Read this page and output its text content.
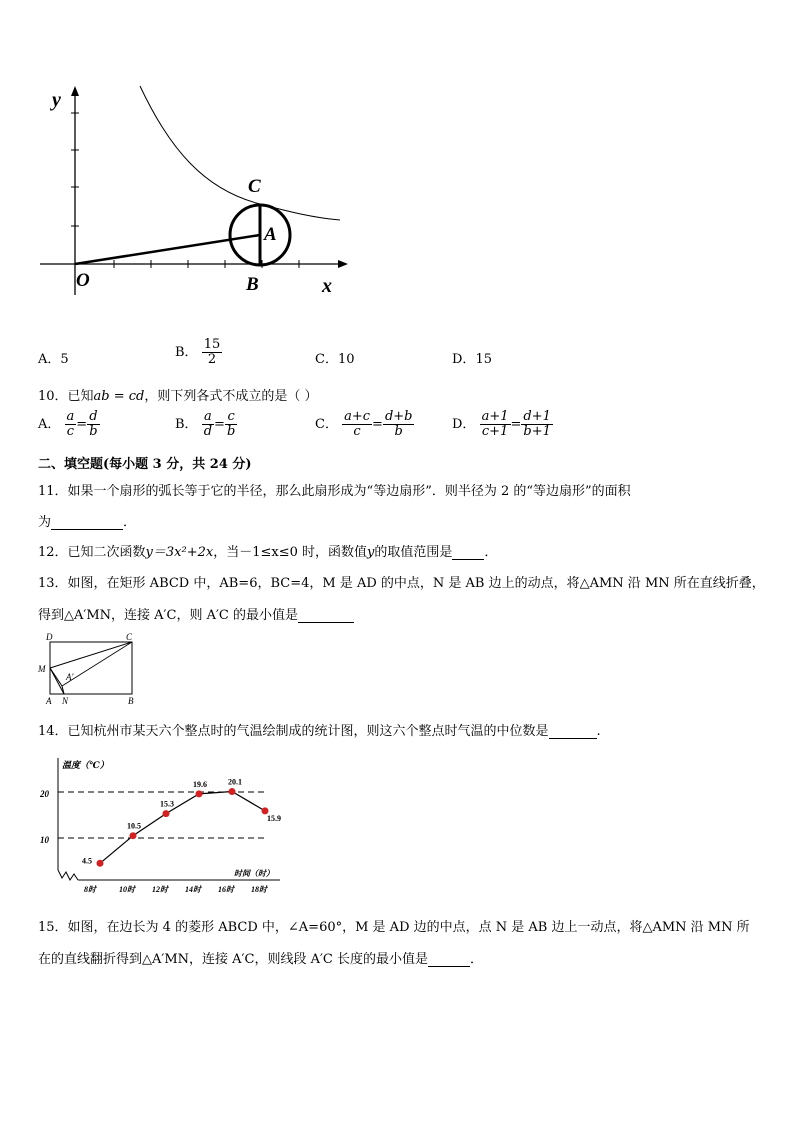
y
x
O
A
B
C
A．5	B． $\frac{15}{2}$	C．10	D．15
10．已知ab = cd，则下列各式不成立的是（ ）
A． $\frac{a}{c} = \frac{d}{b}$	B． $\frac{a}{d} = \frac{c}{b}$	C． $\frac{a+c}{c} = \frac{d+b}{b}$	D． $\frac{a+1}{c+1} = \frac{d+1}{b+1}$
二、填空题(每小题 3 分，共 24 分)
11．如果一个扇形的弧长等于它的半径，那么此扇形成为“等边扇形”．则半径为 2 的“等边扇形”的面积
为	．
12．已知二次函数y＝3x²+2x，当－1≤x≤0 时，函数值y的取值范围是 ．
13．如图，在矩形 ABCD 中，AB=6，BC=4，M 是 AD 的中点，N 是 AB 边上的动点，将△AMN 沿 MN 所在直线折叠，
得到△A′MN，连接 A′C，则 A′C 的最小值是
D	C
M
A'
A N	B
14．已知杭州市某天六个整点时的气温绘制成的统计图，则这六个整点时气温的中位数是	.
温度（℃）
时间（时）
20
10
4.5
8时
10.5
10时
15.3
12时
19.6
14时
20.1
16时
15.9
18时
15．如图，在边长为 4 的菱形 ABCD 中，∠A=60°，M 是 AD 边的中点，点 N 是 AB 边上一动点，将△AMN 沿 MN 所
在的直线翻折得到△A′MN，连接 A′C，则线段 A′C 长度的最小值是	．
